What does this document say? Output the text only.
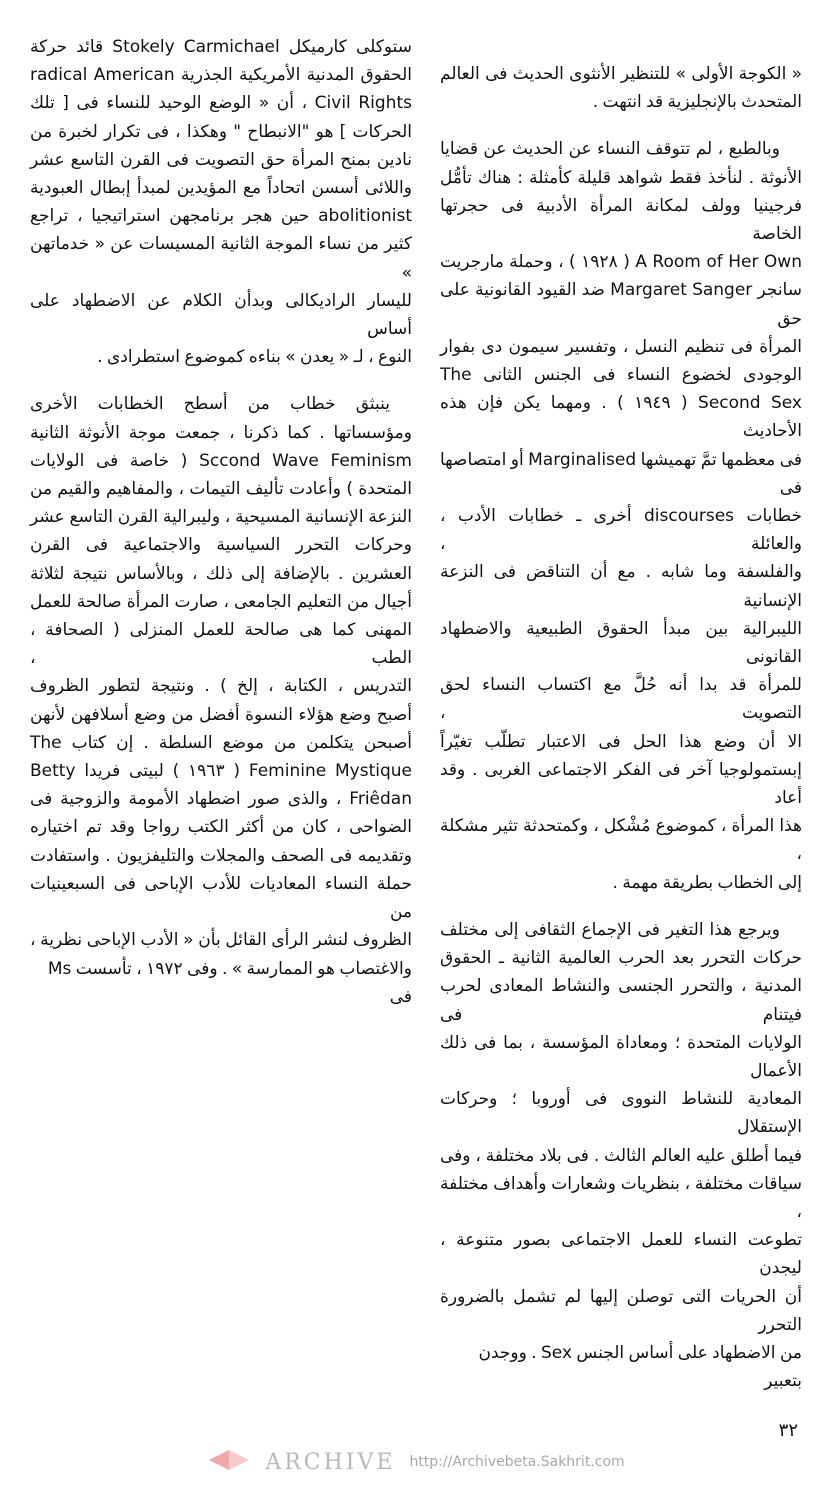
« الكوجة الأولى » للتنظير الأنثوى الحديث فى العالم
المتحدث بالإنجليزية قد انتهت .
وبالطبع ، لم تتوقف النساء عن الحديث عن قضايا
الأنوثة . لنأخذ فقط شواهد قليلة كأمثلة : هناك تأمُّل
فرجينيا وولف لمكانة المرأة الأدبية فى حجرتها الخاصة
A Room of Her Own ( ١٩٢٨ ) ، وحملة مارجريت
سانجر Margaret Sanger ضد القيود القانونية على حق
المرأة فى تنظيم النسل ، وتفسير سيمون دى بفوار
الوجودى لخضوع النساء فى الجنس الثانى The
Second Sex ( ١٩٤٩ ) . ومهما يكن فإن هذه الأحاديث
فى معظمها تمَّ تهميشها Marginalised أو امتصاصها فى
خطابات discourses أخرى ـ خطابات الأدب ، والعائلة ،
والفلسفة وما شابه . مع أن التناقض فى النزعة الإنسانية
الليبرالية بين مبدأ الحقوق الطبيعية والاضطهاد القانونى
للمرأة قد بدا أنه حُلَّ مع اكتساب النساء لحق التصويت ،
الا أن وضع هذا الحل فى الاعتبار تطلّب تغيّراً
إبستمولوجيا آخر فى الفكر الاجتماعى الغربى . وقد أعاد
هذا المرأة ، كموضوع مُشْكل ، وكمتحدثة تثير مشكلة ،
إلى الخطاب بطريقة مهمة .
ويرجع هذا التغير فى الإجماع الثقافى إلى مختلف
حركات التحرر بعد الحرب العالمية الثانية ـ الحقوق
المدنية ، والتحرر الجنسى والنشاط المعادى لحرب فيتنام فى
الولايات المتحدة ؛ ومعاداة المؤسسة ، بما فى ذلك الأعمال
المعادية للنشاط النووى فى أوروبا ؛ وحركات الإستقلال
فيما أطلق عليه العالم الثالث . فى بلاد مختلفة ، وفى
سياقات مختلفة ، بنظريات وشعارات وأهداف مختلفة ،
تطوعت النساء للعمل الاجتماعى بصور متنوعة ، ليجدن
أن الحريات التى توصلن إليها لم تشمل بالضرورة التحرر
من الاضطهاد على أساس الجنس Sex . ووجدن بتعبير
ستوكلى كارميكل Stokely Carmichael قائد حركة
الحقوق المدنية الأمريكية الجذرية radical American
Civil Rights ، أن « الوضع الوحيد للنساء فى [ تلك
الحركات ] هو "الانبطاح " وهكذا ، فى تكرار لخبرة من
نادين بمنح المرأة حق التصويت فى القرن التاسع عشر
واللائى أسسن اتحاداً مع المؤيدين لمبدأ إبطال العبودية
abolitionist حين هجر برنامجهن استراتيجيا ، تراجع
كثير من نساء الموجة الثانية المسيسات عن « خدماتهن »
لليسار الراديكالى وبدأن الكلام عن الاضطهاد على أساس
النوع ، لـ « يعدن » بناءه كموضوع استطرادى .
ينبثق خطاب من أسطح الخطابات الأخرى
ومؤسساتها . كما ذكرنا ، جمعت موجة الأنوثة الثانية
Sccond Wave Feminism ( خاصة فى الولايات
المتحدة ) وأعادت تأليف التيمات ، والمفاهيم والقيم من
النزعة الإنسانية المسيحية ، وليبرالية القرن التاسع عشر
وحركات التحرر السياسية والاجتماعية فى القرن
العشرين . بالإضافة إلى ذلك ، وبالأساس نتيجة لثلاثة
أجيال من التعليم الجامعى ، صارت المرأة صالحة للعمل
المهنى كما هى صالحة للعمل المنزلى ( الصحافة ، الطب ،
التدريس ، الكتابة ، إلخ ) . ونتيجة لتطور الظروف
أصبح وضع هؤلاء النسوة أفضل من وضع أسلافهن لأنهن
أصبحن يتكلمن من موضع السلطة . إن كتاب The
Feminine Mystique ( ١٩٦٣ ) لبيتى فريدا Betty
Friêdan ، والذى صور اضطهاد الأمومة والزوجية فى
الضواحى ، كان من أكثر الكتب رواجا وقد تم اختياره
وتقديمه فى الصحف والمجلات والتليفزيون . واستفادت
حملة النساء المعاديات للأدب الإباحى فى السبعينيات من
الظروف لنشر الرأى القائل بأن « الأدب الإباحى نظرية ،
والاغتصاب هو الممارسة » . وفى ١٩٧٢ ، تأسست Ms فى
٣٢
ARCHIVE http://Archivebeta.Sakhrit.com
